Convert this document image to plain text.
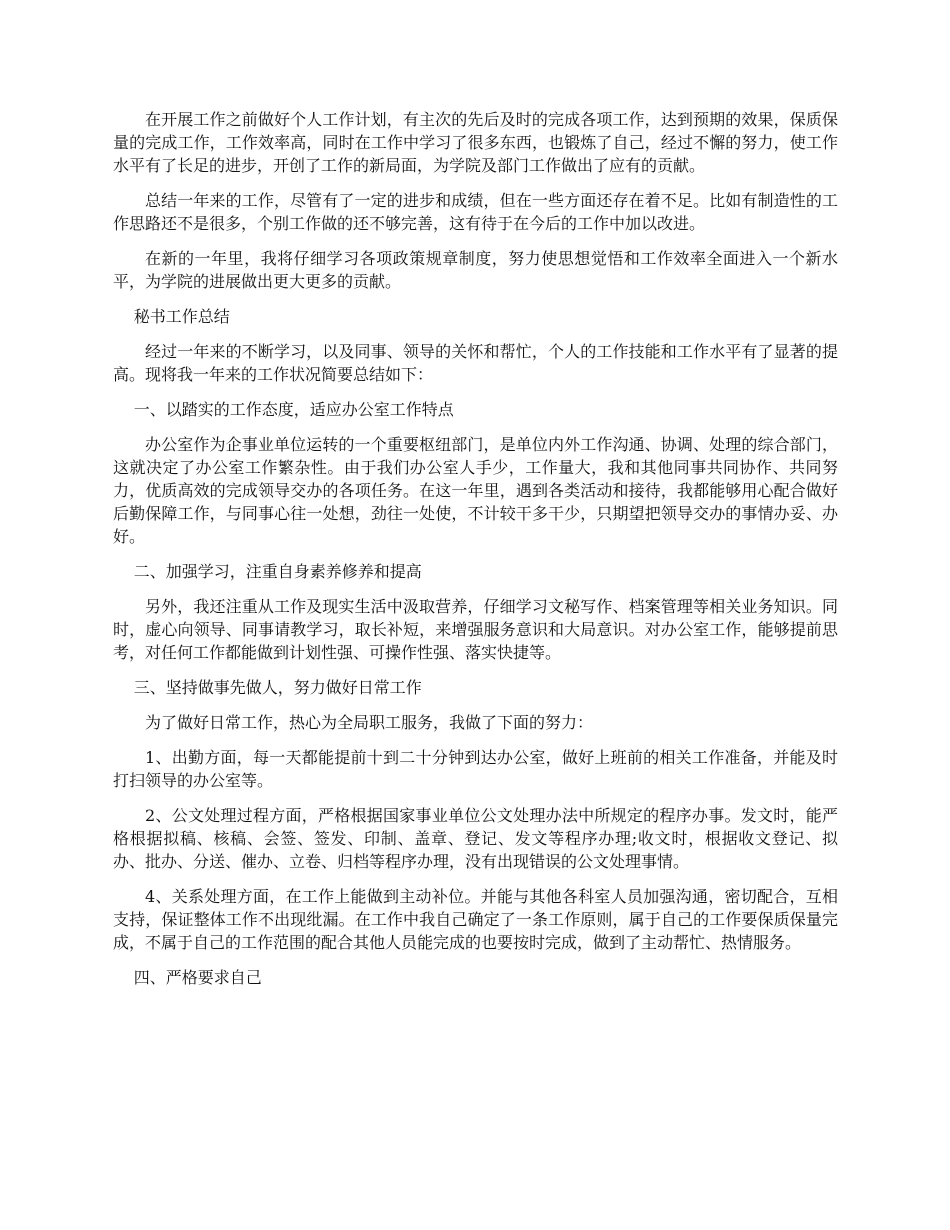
在开展工作之前做好个人工作计划，有主次的先后及时的完成各项工作，达到预期的效果，保质保量的完成工作，工作效率高，同时在工作中学习了很多东西，也锻炼了自己，经过不懈的努力，使工作水平有了长足的进步，开创了工作的新局面，为学院及部门工作做出了应有的贡献。

总结一年来的工作，尽管有了一定的进步和成绩，但在一些方面还存在着不足。比如有制造性的工作思路还不是很多，个别工作做的还不够完善，这有待于在今后的工作中加以改进。

在新的一年里，我将仔细学习各项政策规章制度，努力使思想觉悟和工作效率全面进入一个新水平，为学院的进展做出更大更多的贡献。

秘书工作总结

经过一年来的不断学习，以及同事、领导的关怀和帮忙，个人的工作技能和工作水平有了显著的提高。现将我一年来的工作状况简要总结如下：

一、以踏实的工作态度，适应办公室工作特点

办公室作为企事业单位运转的一个重要枢纽部门，是单位内外工作沟通、协调、处理的综合部门，这就决定了办公室工作繁杂性。由于我们办公室人手少，工作量大，我和其他同事共同协作、共同努力，优质高效的完成领导交办的各项任务。在这一年里，遇到各类活动和接待，我都能够用心配合做好后勤保障工作，与同事心往一处想，劲往一处使，不计较干多干少，只期望把领导交办的事情办妥、办好。

二、加强学习，注重自身素养修养和提高

另外，我还注重从工作及现实生活中汲取营养，仔细学习文秘写作、档案管理等相关业务知识。同时，虚心向领导、同事请教学习，取长补短，来增强服务意识和大局意识。对办公室工作，能够提前思考，对任何工作都能做到计划性强、可操作性强、落实快捷等。

三、坚持做事先做人，努力做好日常工作

为了做好日常工作，热心为全局职工服务，我做了下面的努力：

1、出勤方面，每一天都能提前十到二十分钟到达办公室，做好上班前的相关工作准备，并能及时打扫领导的办公室等。

2、公文处理过程方面，严格根据国家事业单位公文处理办法中所规定的程序办事。发文时，能严格根据拟稿、核稿、会签、签发、印制、盖章、登记、发文等程序办理;收文时，根据收文登记、拟办、批办、分送、催办、立卷、归档等程序办理，没有出现错误的公文处理事情。

4、关系处理方面，在工作上能做到主动补位。并能与其他各科室人员加强沟通，密切配合，互相支持，保证整体工作不出现纰漏。在工作中我自己确定了一条工作原则，属于自己的工作要保质保量完成，不属于自己的工作范围的配合其他人员能完成的也要按时完成，做到了主动帮忙、热情服务。

四、严格要求自己
